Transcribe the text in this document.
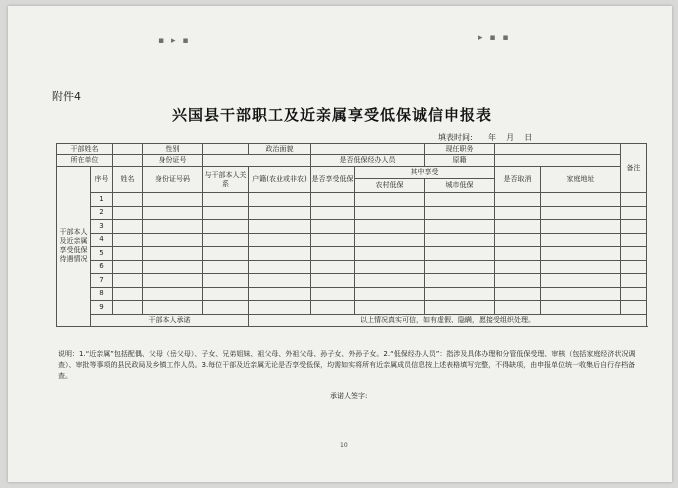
▪ ▸ ▪	▸ ▪ ▪
附件4
兴国县干部职工及近亲属享受低保诚信申报表
填表时间:      年    月    日
干部姓名			性别		政治面貌			现任职务			备注
所在单位			身份证号			是否低保经办人员		原籍			
干部本人及近亲属享受低保待遇情况	序号	姓名	身份证号码	与干部本人关系	户籍(农业或非农)	是否享受低保	其中享受		是否取消	家庭地址	
							农村低保	城市低保			
	1										
	2										
	3										
	4										
	5										
	6										
	7										
	8										
	9										
	干部本人承诺				以上情况真实可信，如有虚假、隐瞒，愿接受组织处理。						
说明：1.“近亲属”包括配偶、父母（岳父母）、子女、兄弟姐妹、祖父母、外祖父母、孙子女、外孙子女。2.“低保经办人员”：指涉及具体办理和分管低保受理、审核（包括家庭经济状况调查）、审批等事项的县民政局及乡镇工作人员。3.每位干部及近亲属无论是否享受低保，均需如实将所有近亲属成员信息按上述表格填写完整，不得缺项，由申报单位统一收集后自行存档备查。
承诺人签字:
10
